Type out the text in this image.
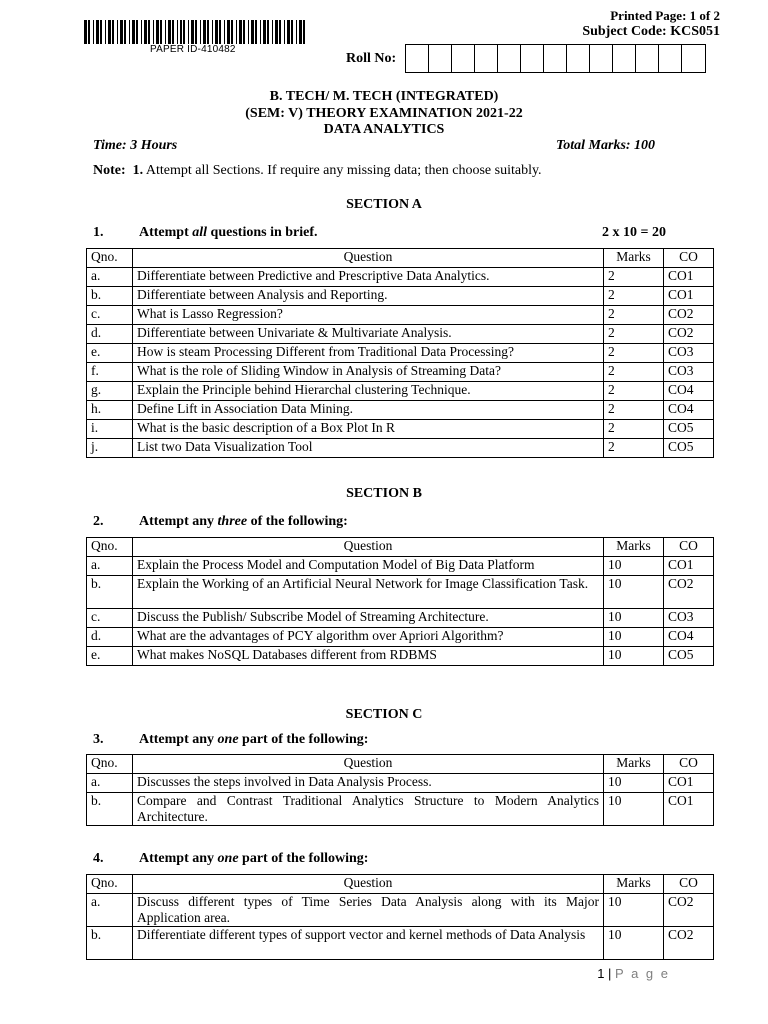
PAPER ID-410482
Printed Page: 1 of 2
Subject Code: KCS051
Roll No:
B. TECH/ M. TECH (INTEGRATED)
(SEM: V) THEORY EXAMINATION 2021-22
DATA ANALYTICS
Time: 3 Hours	Total Marks: 100
Note: 1. Attempt all Sections. If require any missing data; then choose suitably.
SECTION A
1.	Attempt all questions in brief.	2 x 10 = 20
Qno.	Question	Marks	CO
a.	Differentiate between Predictive and Prescriptive Data Analytics.	2	CO1
b.	Differentiate between Analysis and Reporting.	2	CO1
c.	What is Lasso Regression?	2	CO2
d.	Differentiate between Univariate & Multivariate Analysis.	2	CO2
e.	How is steam Processing Different from Traditional Data Processing?	2	CO3
f.	What is the role of Sliding Window in Analysis of Streaming Data?	2	CO3
g.	Explain the Principle behind Hierarchal clustering Technique.	2	CO4
h.	Define Lift in Association Data Mining.	2	CO4
i.	What is the basic description of a Box Plot In R	2	CO5
j.	List two Data Visualization Tool	2	CO5
SECTION B
2.	Attempt any three of the following:
Qno.	Question	Marks	CO
a.	Explain the Process Model and Computation Model of Big Data Platform	10	CO1
b.	Explain the Working of an Artificial Neural Network for Image Classification Task.	10	CO2
c.	Discuss the Publish/ Subscribe Model of Streaming Architecture.	10	CO3
d.	What are the advantages of PCY algorithm over Apriori Algorithm?	10	CO4
e.	What makes NoSQL Databases different from RDBMS	10	CO5
SECTION C
3.	Attempt any one part of the following:
Qno.	Question	Marks	CO
a.	Discusses the steps involved in Data Analysis Process.	10	CO1
b.	Compare and Contrast Traditional Analytics Structure to Modern Analytics Architecture.	10	CO1
4.	Attempt any one part of the following:
Qno.	Question	Marks	CO
a.	Discuss different types of Time Series Data Analysis along with its Major Application area.	10	CO2
b.	Differentiate different types of support vector and kernel methods of Data Analysis	10	CO2
1 | P a g e
